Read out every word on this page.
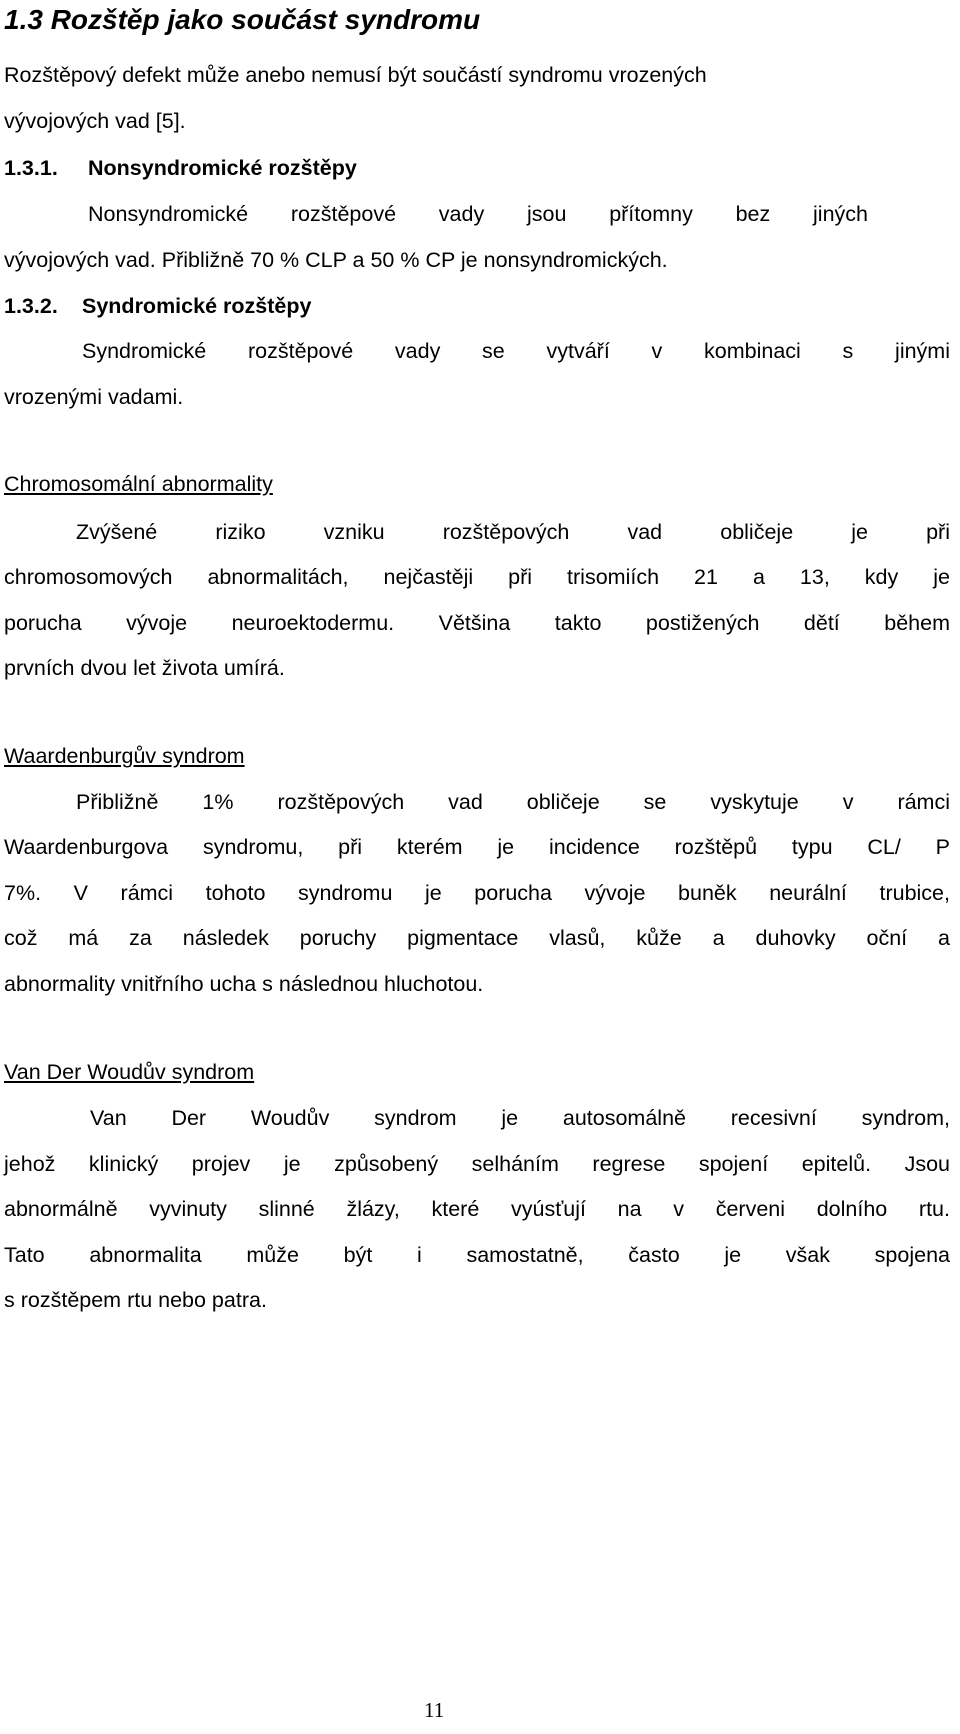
1.3 Rozštěp jako součást syndromu
Rozštěpový defekt může anebo nemusí být součástí syndromu vrozených
vývojových vad [5].
1.3.1. Nonsyndromické rozštěpy
Nonsyndromické rozštěpové vady jsou přítomny bez jiných
vývojových vad. Přibližně 70 % CLP a 50 % CP je nonsyndromických.
1.3.2. Syndromické rozštěpy
Syndromické rozštěpové vady se vytváří v kombinaci s jinými
vrozenými vadami.
Chromosomální abnormality
Zvýšené riziko vzniku rozštěpových vad obličeje je při
chromosomových abnormalitách, nejčastěji při trisomiích 21 a 13, kdy je
porucha vývoje neuroektodermu. Většina takto postižených dětí během
prvních dvou let života umírá.
Waardenburgův syndrom
Přibližně 1% rozštěpových vad obličeje se vyskytuje v rámci
Waardenburgova syndromu, při kterém je incidence rozštěpů typu CL/ P
7%. V rámci tohoto syndromu je porucha vývoje buněk neurální trubice,
což má za následek poruchy pigmentace vlasů, kůže a duhovky oční a
abnormality vnitřního ucha s následnou hluchotou.
Van Der Woudův syndrom
Van Der Woudův syndrom je autosomálně recesivní syndrom,
jehož klinický projev je způsobený selháním regrese spojení epitelů. Jsou
abnormálně vyvinuty slinné žlázy, které vyúsťují na v červeni dolního rtu.
Tato abnormalita může být i samostatně, často je však spojena
s rozštěpem rtu nebo patra.
11
